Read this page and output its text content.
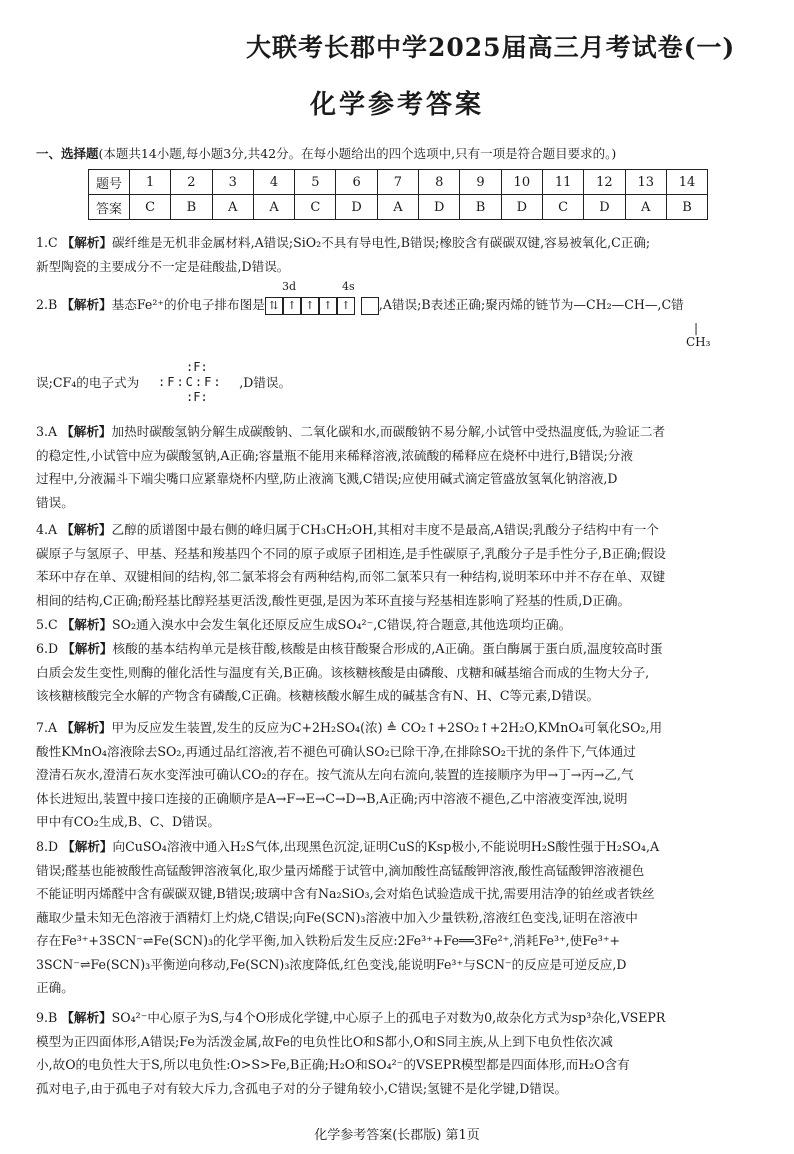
大联考长郡中学2025届高三月考试卷(一)
化学参考答案
一、选择题(本题共14小题,每小题3分,共42分。在每小题给出的四个选项中,只有一项是符合题目要求的。)
题号	1	2	3	4	5	6	7	8	9	10	11	12	13	14
答案	C	B	A	A	C	D	A	D	B	D	C	D	A	B
1.C 【解析】碳纤维是无机非金属材料,A错误;SiO₂不具有导电性,B错误;橡胶含有碳碳双键,容易被氧化,C正确;
新型陶瓷的主要成分不一定是硅酸盐,D错误。
3d	4s
2.B 【解析】基态Fe²⁺的价电子排布图是 ⇅ ↑ ↑ ↑ ↑ ,A错误;B表述正确;聚丙烯的链节为—CH₂—CH—,C错
|
CH₃
误;CF₄的电子式为	,D错误。
:F:
:F:C:F:
:F:
3.A 【解析】加热时碳酸氢钠分解生成碳酸钠、二氧化碳和水,而碳酸钠不易分解,小试管中受热温度低,为验证二者
的稳定性,小试管中应为碳酸氢钠,A正确;容量瓶不能用来稀释溶液,浓硫酸的稀释应在烧杯中进行,B错误;分液
过程中,分液漏斗下端尖嘴口应紧靠烧杯内壁,防止液滴飞溅,C错误;应使用碱式滴定管盛放氢氧化钠溶液,D
错误。
4.A 【解析】乙醇的质谱图中最右侧的峰归属于CH₃CH₂OH,其相对丰度不是最高,A错误;乳酸分子结构中有一个
碳原子与氢原子、甲基、羟基和羧基四个不同的原子或原子团相连,是手性碳原子,乳酸分子是手性分子,B正确;假设
苯环中存在单、双键相间的结构,邻二氯苯将会有两种结构,而邻二氯苯只有一种结构,说明苯环中并不存在单、双键
相间的结构,C正确;酚羟基比醇羟基更活泼,酸性更强,是因为苯环直接与羟基相连影响了羟基的性质,D正确。
5.C 【解析】SO₂通入溴水中会发生氧化还原反应生成SO₄²⁻,C错误,符合题意,其他选项均正确。
6.D 【解析】核酸的基本结构单元是核苷酸,核酸是由核苷酸聚合形成的,A正确。蛋白酶属于蛋白质,温度较高时蛋
白质会发生变性,则酶的催化活性与温度有关,B正确。该核糖核酸是由磷酸、戊糖和碱基缩合而成的生物大分子,
该核糖核酸完全水解的产物含有磷酸,C正确。核糖核酸水解生成的碱基含有N、H、C等元素,D错误。
7.A 【解析】甲为反应发生装置,发生的反应为C+2H₂SO₄(浓) ≜ CO₂↑+2SO₂↑+2H₂O,KMnO₄可氧化SO₂,用
酸性KMnO₄溶液除去SO₂,再通过品红溶液,若不褪色可确认SO₂已除干净,在排除SO₂干扰的条件下,气体通过
澄清石灰水,澄清石灰水变浑浊可确认CO₂的存在。按气流从左向右流向,装置的连接顺序为甲→丁→丙→乙,气
体长进短出,装置中接口连接的正确顺序是A→F→E→C→D→B,A正确;丙中溶液不褪色,乙中溶液变浑浊,说明
甲中有CO₂生成,B、C、D错误。
8.D 【解析】向CuSO₄溶液中通入H₂S气体,出现黑色沉淀,证明CuS的Ksp极小,不能说明H₂S酸性强于H₂SO₄,A
错误;醛基也能被酸性高锰酸钾溶液氧化,取少量丙烯醛于试管中,滴加酸性高锰酸钾溶液,酸性高锰酸钾溶液褪色
不能证明丙烯醛中含有碳碳双键,B错误;玻璃中含有Na₂SiO₃,会对焰色试验造成干扰,需要用洁净的铂丝或者铁丝
蘸取少量未知无色溶液于酒精灯上灼烧,C错误;向Fe(SCN)₃溶液中加入少量铁粉,溶液红色变浅,证明在溶液中
存在Fe³⁺+3SCN⁻⇌Fe(SCN)₃的化学平衡,加入铁粉后发生反应:2Fe³⁺+Fe══3Fe²⁺,消耗Fe³⁺,使Fe³⁺+
3SCN⁻⇌Fe(SCN)₃平衡逆向移动,Fe(SCN)₃浓度降低,红色变浅,能说明Fe³⁺与SCN⁻的反应是可逆反应,D
正确。
9.B 【解析】SO₄²⁻中心原子为S,与4个O形成化学键,中心原子上的孤电子对数为0,故杂化方式为sp³杂化,VSEPR
模型为正四面体形,A错误;Fe为活泼金属,故Fe的电负性比O和S都小,O和S同主族,从上到下电负性依次减
小,故O的电负性大于S,所以电负性:O>S>Fe,B正确;H₂O和SO₄²⁻的VSEPR模型都是四面体形,而H₂O含有
孤对电子,由于孤电子对有较大斥力,含孤电子对的分子键角较小,C错误;氢键不是化学键,D错误。
化学参考答案(长郡版) 第1页
